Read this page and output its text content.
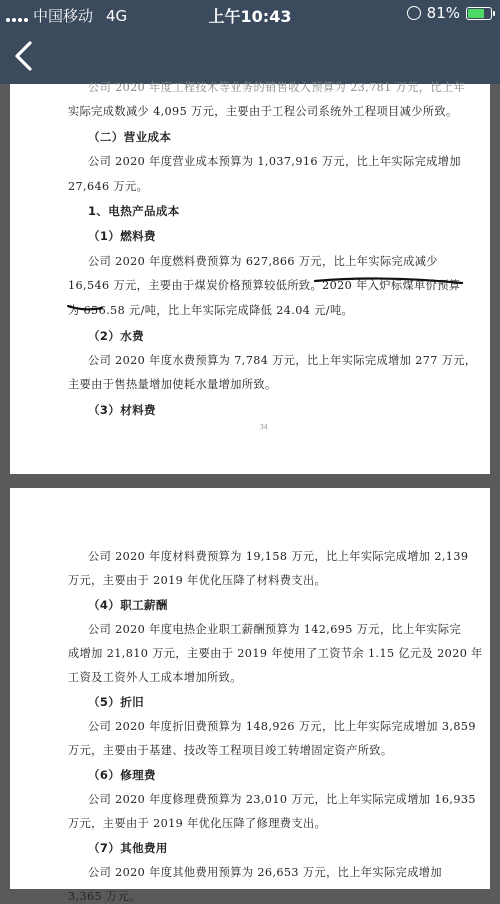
中国移动 4G	上午10:43	81%
公司 2020 年度工程技术等业务的销售收入预算为 23,781 万元，比上年
实际完成数减少 4,095 万元，主要由于工程公司系统外工程项目减少所致。
（二）营业成本
公司 2020 年度营业成本预算为 1,037,916 万元，比上年实际完成增加
27,646 万元。
1、电热产品成本
（1）燃料费
公司 2020 年度燃料费预算为 627,866 万元，比上年实际完成减少
16,546 万元，主要由于煤炭价格预算较低所致。2020 年入炉标煤单价预算
为 656.58 元/吨，比上年实际完成降低 24.04 元/吨。
（2）水费
公司 2020 年度水费预算为 7,784 万元，比上年实际完成增加 277 万元，
主要由于售热量增加使耗水量增加所致。
（3）材料费
34
公司 2020 年度材料费预算为 19,158 万元，比上年实际完成增加 2,139
万元，主要由于 2019 年优化压降了材料费支出。
（4）职工薪酬
公司 2020 年度电热企业职工薪酬预算为 142,695 万元，比上年实际完
成增加 21,810 万元，主要由于 2019 年使用了工资节余 1.15 亿元及 2020 年
工资及工资外人工成本增加所致。
（5）折旧
公司 2020 年度折旧费预算为 148,926 万元，比上年实际完成增加 3,859
万元，主要由于基建、技改等工程项目竣工转增固定资产所致。
（6）修理费
公司 2020 年度修理费预算为 23,010 万元，比上年实际完成增加 16,935
万元，主要由于 2019 年优化压降了修理费支出。
（7）其他费用
公司 2020 年度其他费用预算为 26,653 万元，比上年实际完成增加
3,365 万元。
